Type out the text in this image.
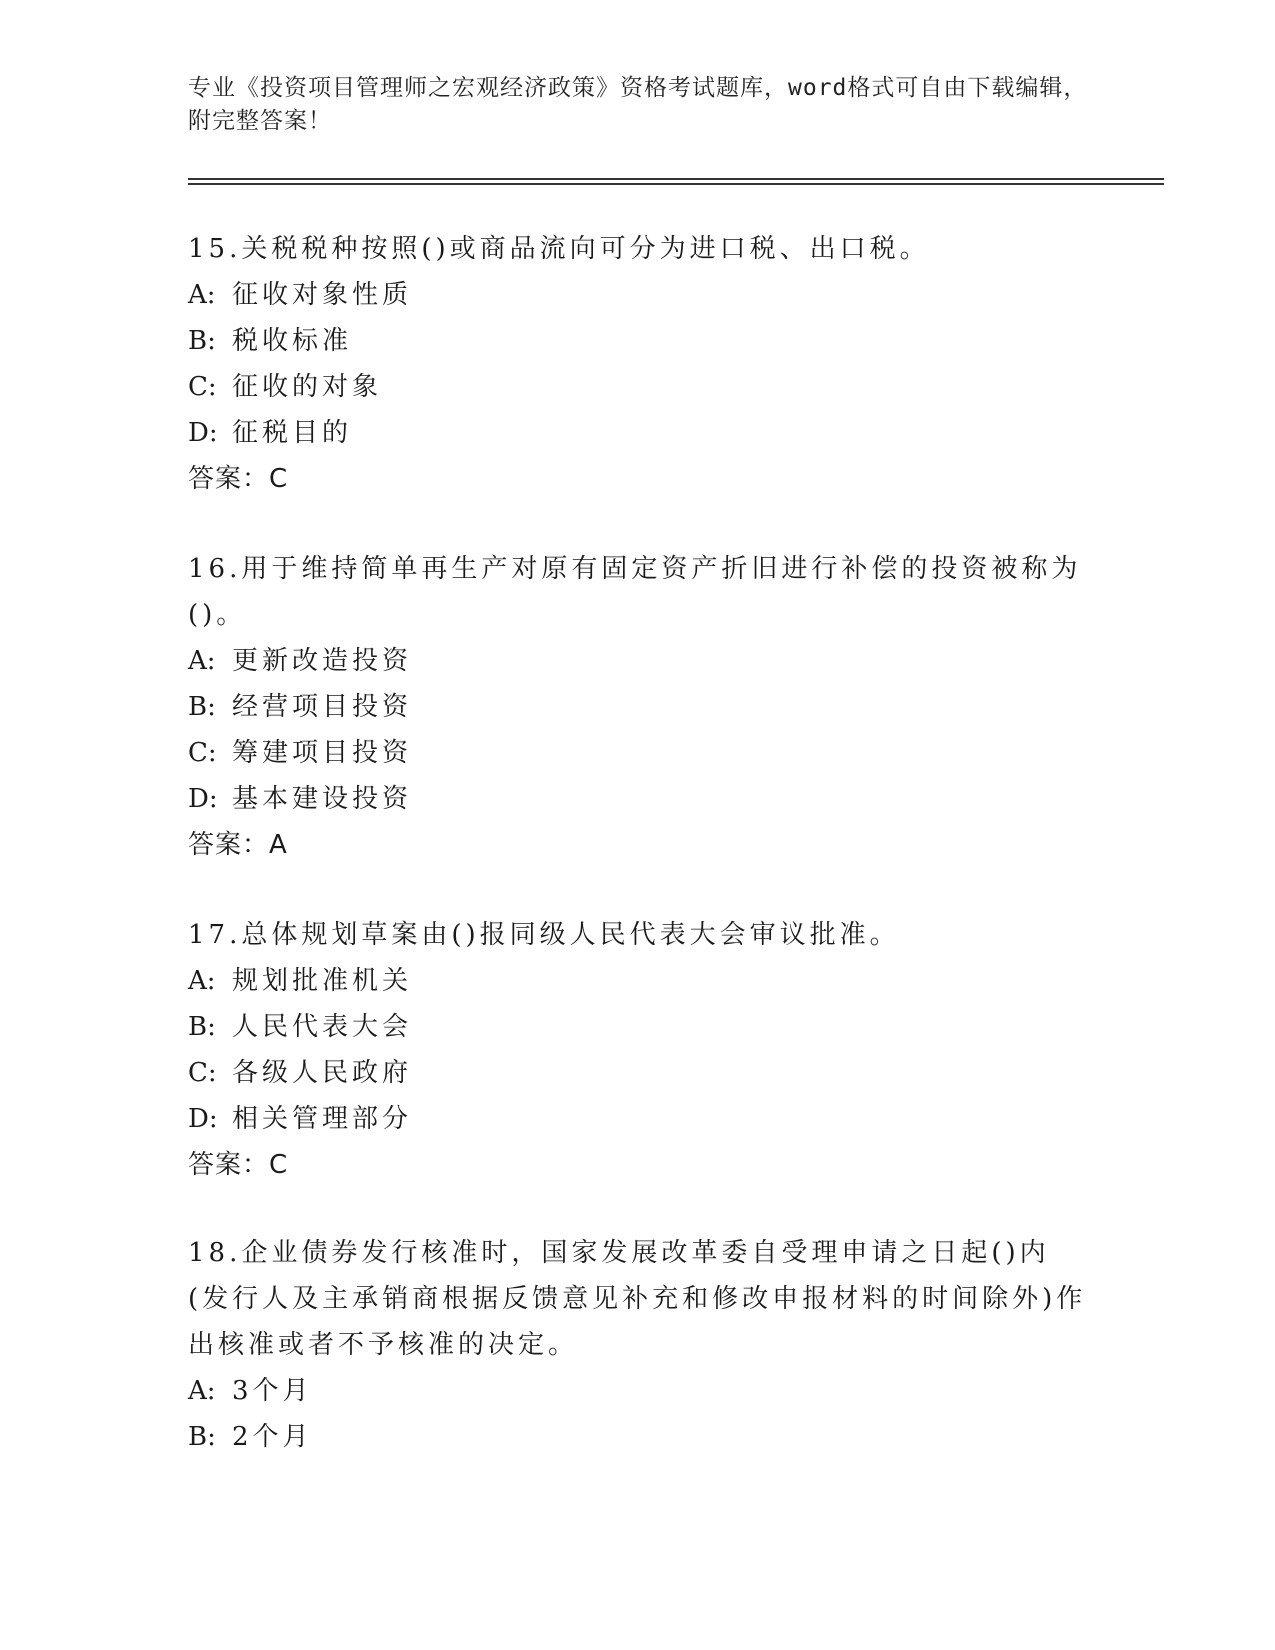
专业《投资项目管理师之宏观经济政策》资格考试题库，word格式可自由下载编辑，附完整答案！

15.关税税种按照()或商品流向可分为进口税、出口税。

A: 征收对象性质

B: 税收标准

C: 征收的对象

D: 征税目的

答案：C

16.用于维持简单再生产对原有固定资产折旧进行补偿的投资被称为()。

A: 更新改造投资

B: 经营项目投资

C: 筹建项目投资

D: 基本建设投资

答案：A

17.总体规划草案由()报同级人民代表大会审议批准。

A: 规划批准机关

B: 人民代表大会

C: 各级人民政府

D: 相关管理部分

答案：C

18.企业债券发行核准时，国家发展改革委自受理申请之日起()内(发行人及主承销商根据反馈意见补充和修改申报材料的时间除外)作出核准或者不予核准的决定。

A: 3个月

B: 2个月
